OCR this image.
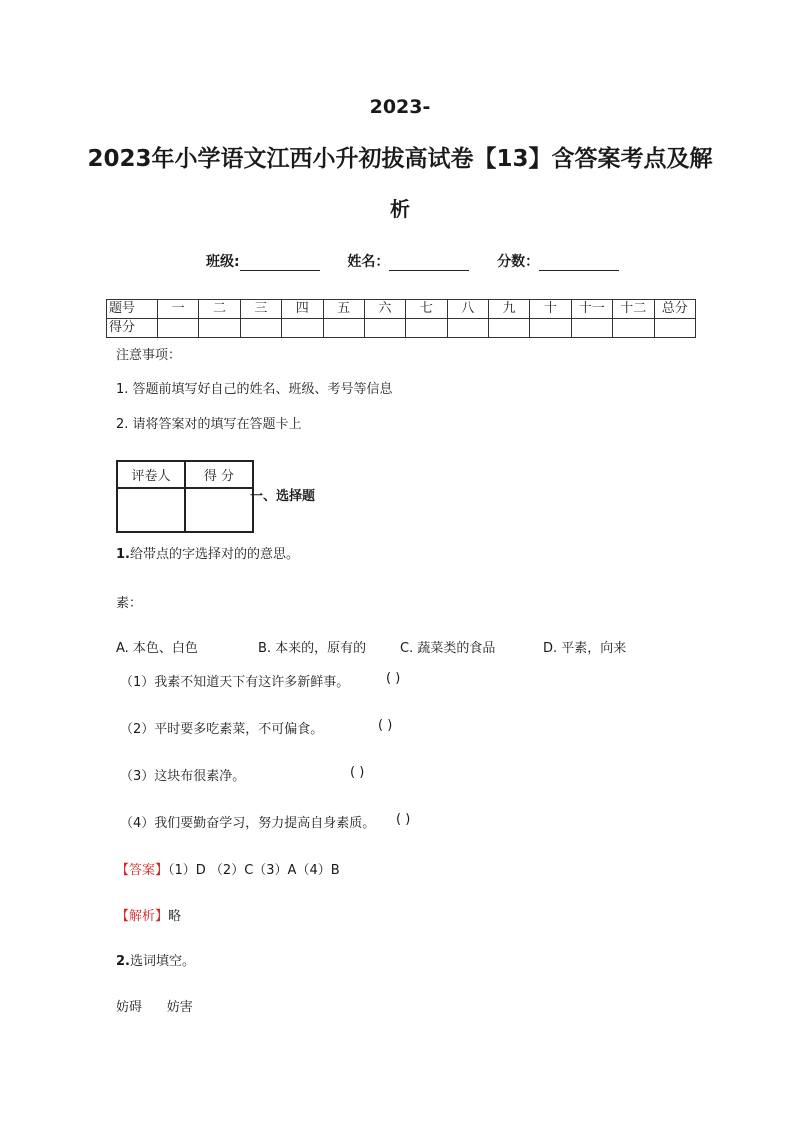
2023-
2023年小学语文江西小升初拔高试卷【13】含答案考点及解
析
班级:	姓名：	分数：
题号	一	二	三	四	五	六	七	八	九	十	十一	十二	总分
得分													
注意事项：
1. 答题前填写好自己的姓名、班级、考号等信息
2. 请将答案对的填写在答题卡上
评卷人	得 分

一、选择题
1.给带点的字选择对的的意思。
素：
A. 本色、白色	B. 本来的，原有的	C. 蔬菜类的食品	D. 平素，向来
（1）我素不知道天下有这许多新鲜事。	( )
（2）平时要多吃素菜，不可偏食。	( )
（3）这块布很素净。	( )
（4）我们要勤奋学习，努力提高自身素质。 ( )
【答案】（1）D （2）C（3）A（4）B
【解析】略
2.选词填空。
妨碍      妨害
